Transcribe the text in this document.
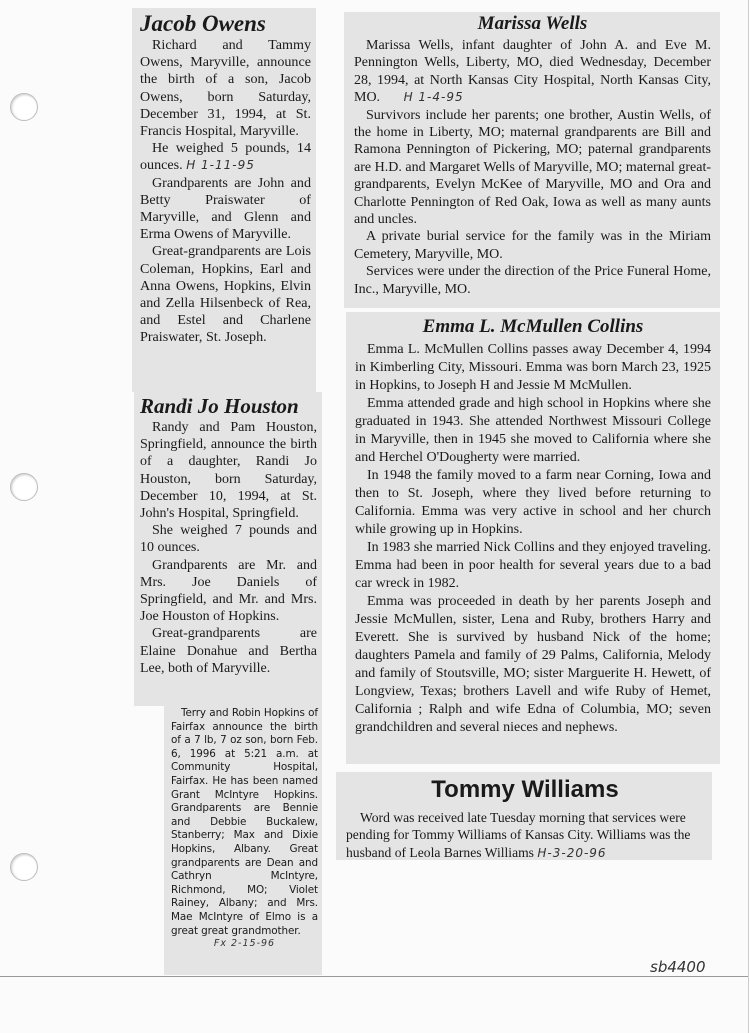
Jacob Owens

Richard and Tammy Owens, Maryville, announce the birth of a son, Jacob Owens, born Saturday, December 31, 1994, at St. Francis Hospital, Maryville.

He weighed 5 pounds, 14 ounces. H 1-11-95

Grandparents are John and Betty Praiswater of Maryville, and Glenn and Erma Owens of Maryville.

Great-grandparents are Lois Coleman, Hopkins, Earl and Anna Owens, Hopkins, Elvin and Zella Hilsenbeck of Rea, and Estel and Charlene Praiswater, St. Joseph.

Randi Jo Houston

Randy and Pam Houston, Springfield, announce the birth of a daughter, Randi Jo Houston, born Saturday, December 10, 1994, at St. John's Hospital, Springfield.

She weighed 7 pounds and 10 ounces.

Grandparents are Mr. and Mrs. Joe Daniels of Springfield, and Mr. and Mrs. Joe Houston of Hopkins.

Great-grandparents are Elaine Donahue and Bertha Lee, both of Maryville.

Terry and Robin Hopkins of Fairfax announce the birth of a 7 lb, 7 oz son, born Feb. 6, 1996 at 5:21 a.m. at Community Hospital, Fairfax. He has been named Grant McIntyre Hopkins. Grandparents are Bennie and Debbie Buckalew, Stanberry; Max and Dixie Hopkins, Albany. Great grandparents are Dean and Cathryn McIntyre, Richmond, MO; Violet Rainey, Albany; and Mrs. Mae McIntyre of Elmo is a great great grandmother.

Fx 2-15-96
Marissa Wells

Marissa Wells, infant daughter of John A. and Eve M. Pennington Wells, Liberty, MO, died Wednesday, December 28, 1994, at North Kansas City Hospital, North Kansas City, MO. H 1-4-95

Survivors include her parents; one brother, Austin Wells, of the home in Liberty, MO; maternal grandparents are Bill and Ramona Pennington of Pickering, MO; paternal grandparents are H.D. and Margaret Wells of Maryville, MO; maternal great-grandparents, Evelyn McKee of Maryville, MO and Ora and Charlotte Pennington of Red Oak, Iowa as well as many aunts and uncles.

A private burial service for the family was in the Miriam Cemetery, Maryville, MO.

Services were under the direction of the Price Funeral Home, Inc., Maryville, MO.

Emma L. McMullen Collins

Emma L. McMullen Collins passes away December 4, 1994 in Kimberling City, Missouri. Emma was born March 23, 1925 in Hopkins, to Joseph H and Jessie M McMullen.

Emma attended grade and high school in Hopkins where she graduated in 1943. She attended Northwest Missouri College in Maryville, then in 1945 she moved to California where she and Herchel O'Dougherty were married.

In 1948 the family moved to a farm near Corning, Iowa and then to St. Joseph, where they lived before returning to California. Emma was very active in school and her church while growing up in Hopkins.

In 1983 she married Nick Collins and they enjoyed traveling. Emma had been in poor health for several years due to a bad car wreck in 1982.

Emma was proceeded in death by her parents Joseph and Jessie McMullen, sister, Lena and Ruby, brothers Harry and Everett. She is survived by husband Nick of the home; daughters Pamela and family of 29 Palms, California, Melody and family of Stoutsville, MO; sister Marguerite H. Hewett, of Longview, Texas; brothers Lavell and wife Ruby of Hemet, California ; Ralph and wife Edna of Columbia, MO; seven grandchildren and several nieces and nephews.

Tommy Williams

Word was received late Tuesday morning that services were pending for Tommy Williams of Kansas City. Williams was the husband of Leola Barnes Williams H-3-20-96

sb4400
